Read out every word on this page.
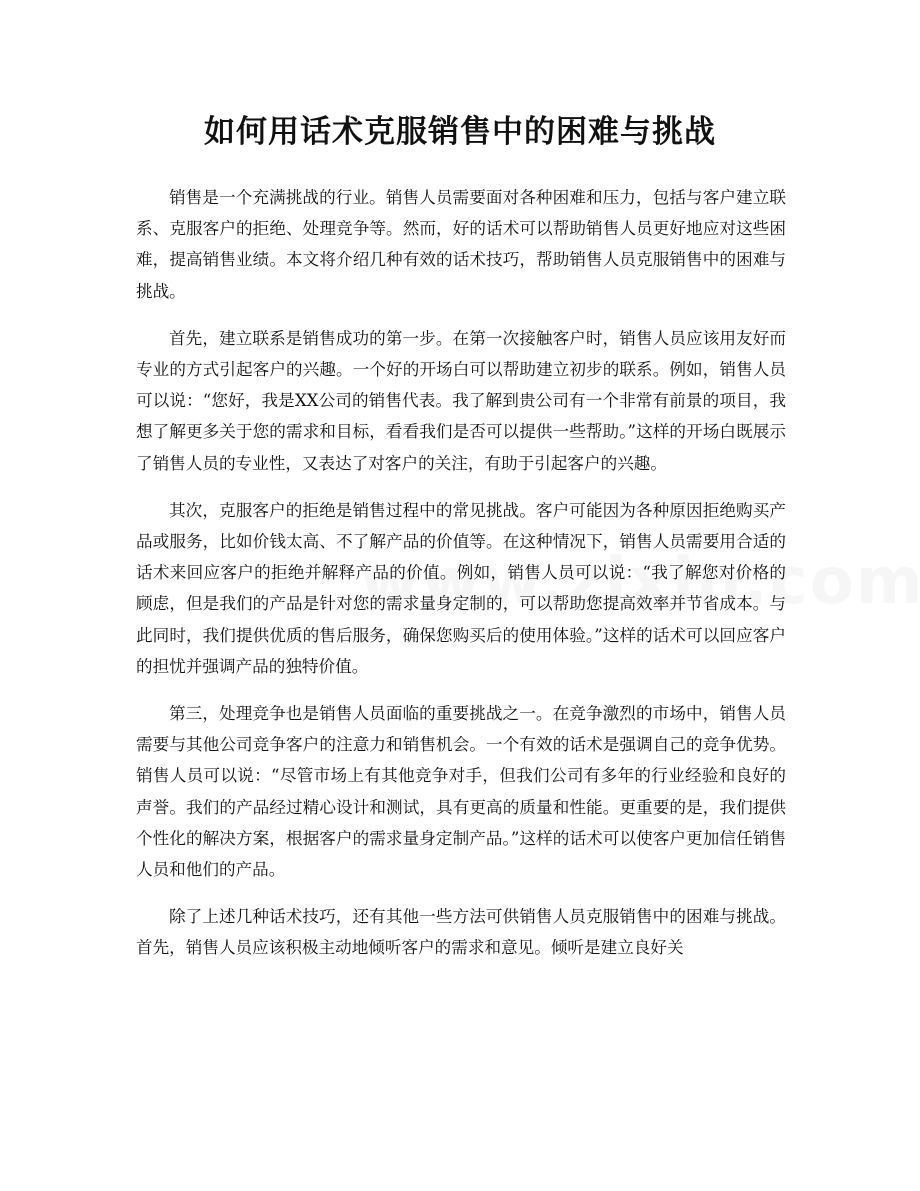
如何用话术克服销售中的困难与挑战

销售是一个充满挑战的行业。销售人员需要面对各种困难和压力，包括与客户建立联系、克服客户的拒绝、处理竞争等。然而，好的话术可以帮助销售人员更好地应对这些困难，提高销售业绩。本文将介绍几种有效的话术技巧，帮助销售人员克服销售中的困难与挑战。

首先，建立联系是销售成功的第一步。在第一次接触客户时，销售人员应该用友好而专业的方式引起客户的兴趣。一个好的开场白可以帮助建立初步的联系。例如，销售人员可以说：“您好，我是XX公司的销售代表。我了解到贵公司有一个非常有前景的项目，我想了解更多关于您的需求和目标，看看我们是否可以提供一些帮助。”这样的开场白既展示了销售人员的专业性，又表达了对客户的关注，有助于引起客户的兴趣。

其次，克服客户的拒绝是销售过程中的常见挑战。客户可能因为各种原因拒绝购买产品或服务，比如价钱太高、不了解产品的价值等。在这种情况下，销售人员需要用合适的话术来回应客户的拒绝并解释产品的价值。例如，销售人员可以说：“我了解您对价格的顾虑，但是我们的产品是针对您的需求量身定制的，可以帮助您提高效率并节省成本。与此同时，我们提供优质的售后服务，确保您购买后的使用体验。”这样的话术可以回应客户的担忧并强调产品的独特价值。

第三，处理竞争也是销售人员面临的重要挑战之一。在竞争激烈的市场中，销售人员需要与其他公司竞争客户的注意力和销售机会。一个有效的话术是强调自己的竞争优势。销售人员可以说：“尽管市场上有其他竞争对手，但我们公司有多年的行业经验和良好的声誉。我们的产品经过精心设计和测试，具有更高的质量和性能。更重要的是，我们提供个性化的解决方案，根据客户的需求量身定制产品。”这样的话术可以使客户更加信任销售人员和他们的产品。

除了上述几种话术技巧，还有其他一些方法可供销售人员克服销售中的困难与挑战。首先，销售人员应该积极主动地倾听客户的需求和意见。倾听是建立良好关
